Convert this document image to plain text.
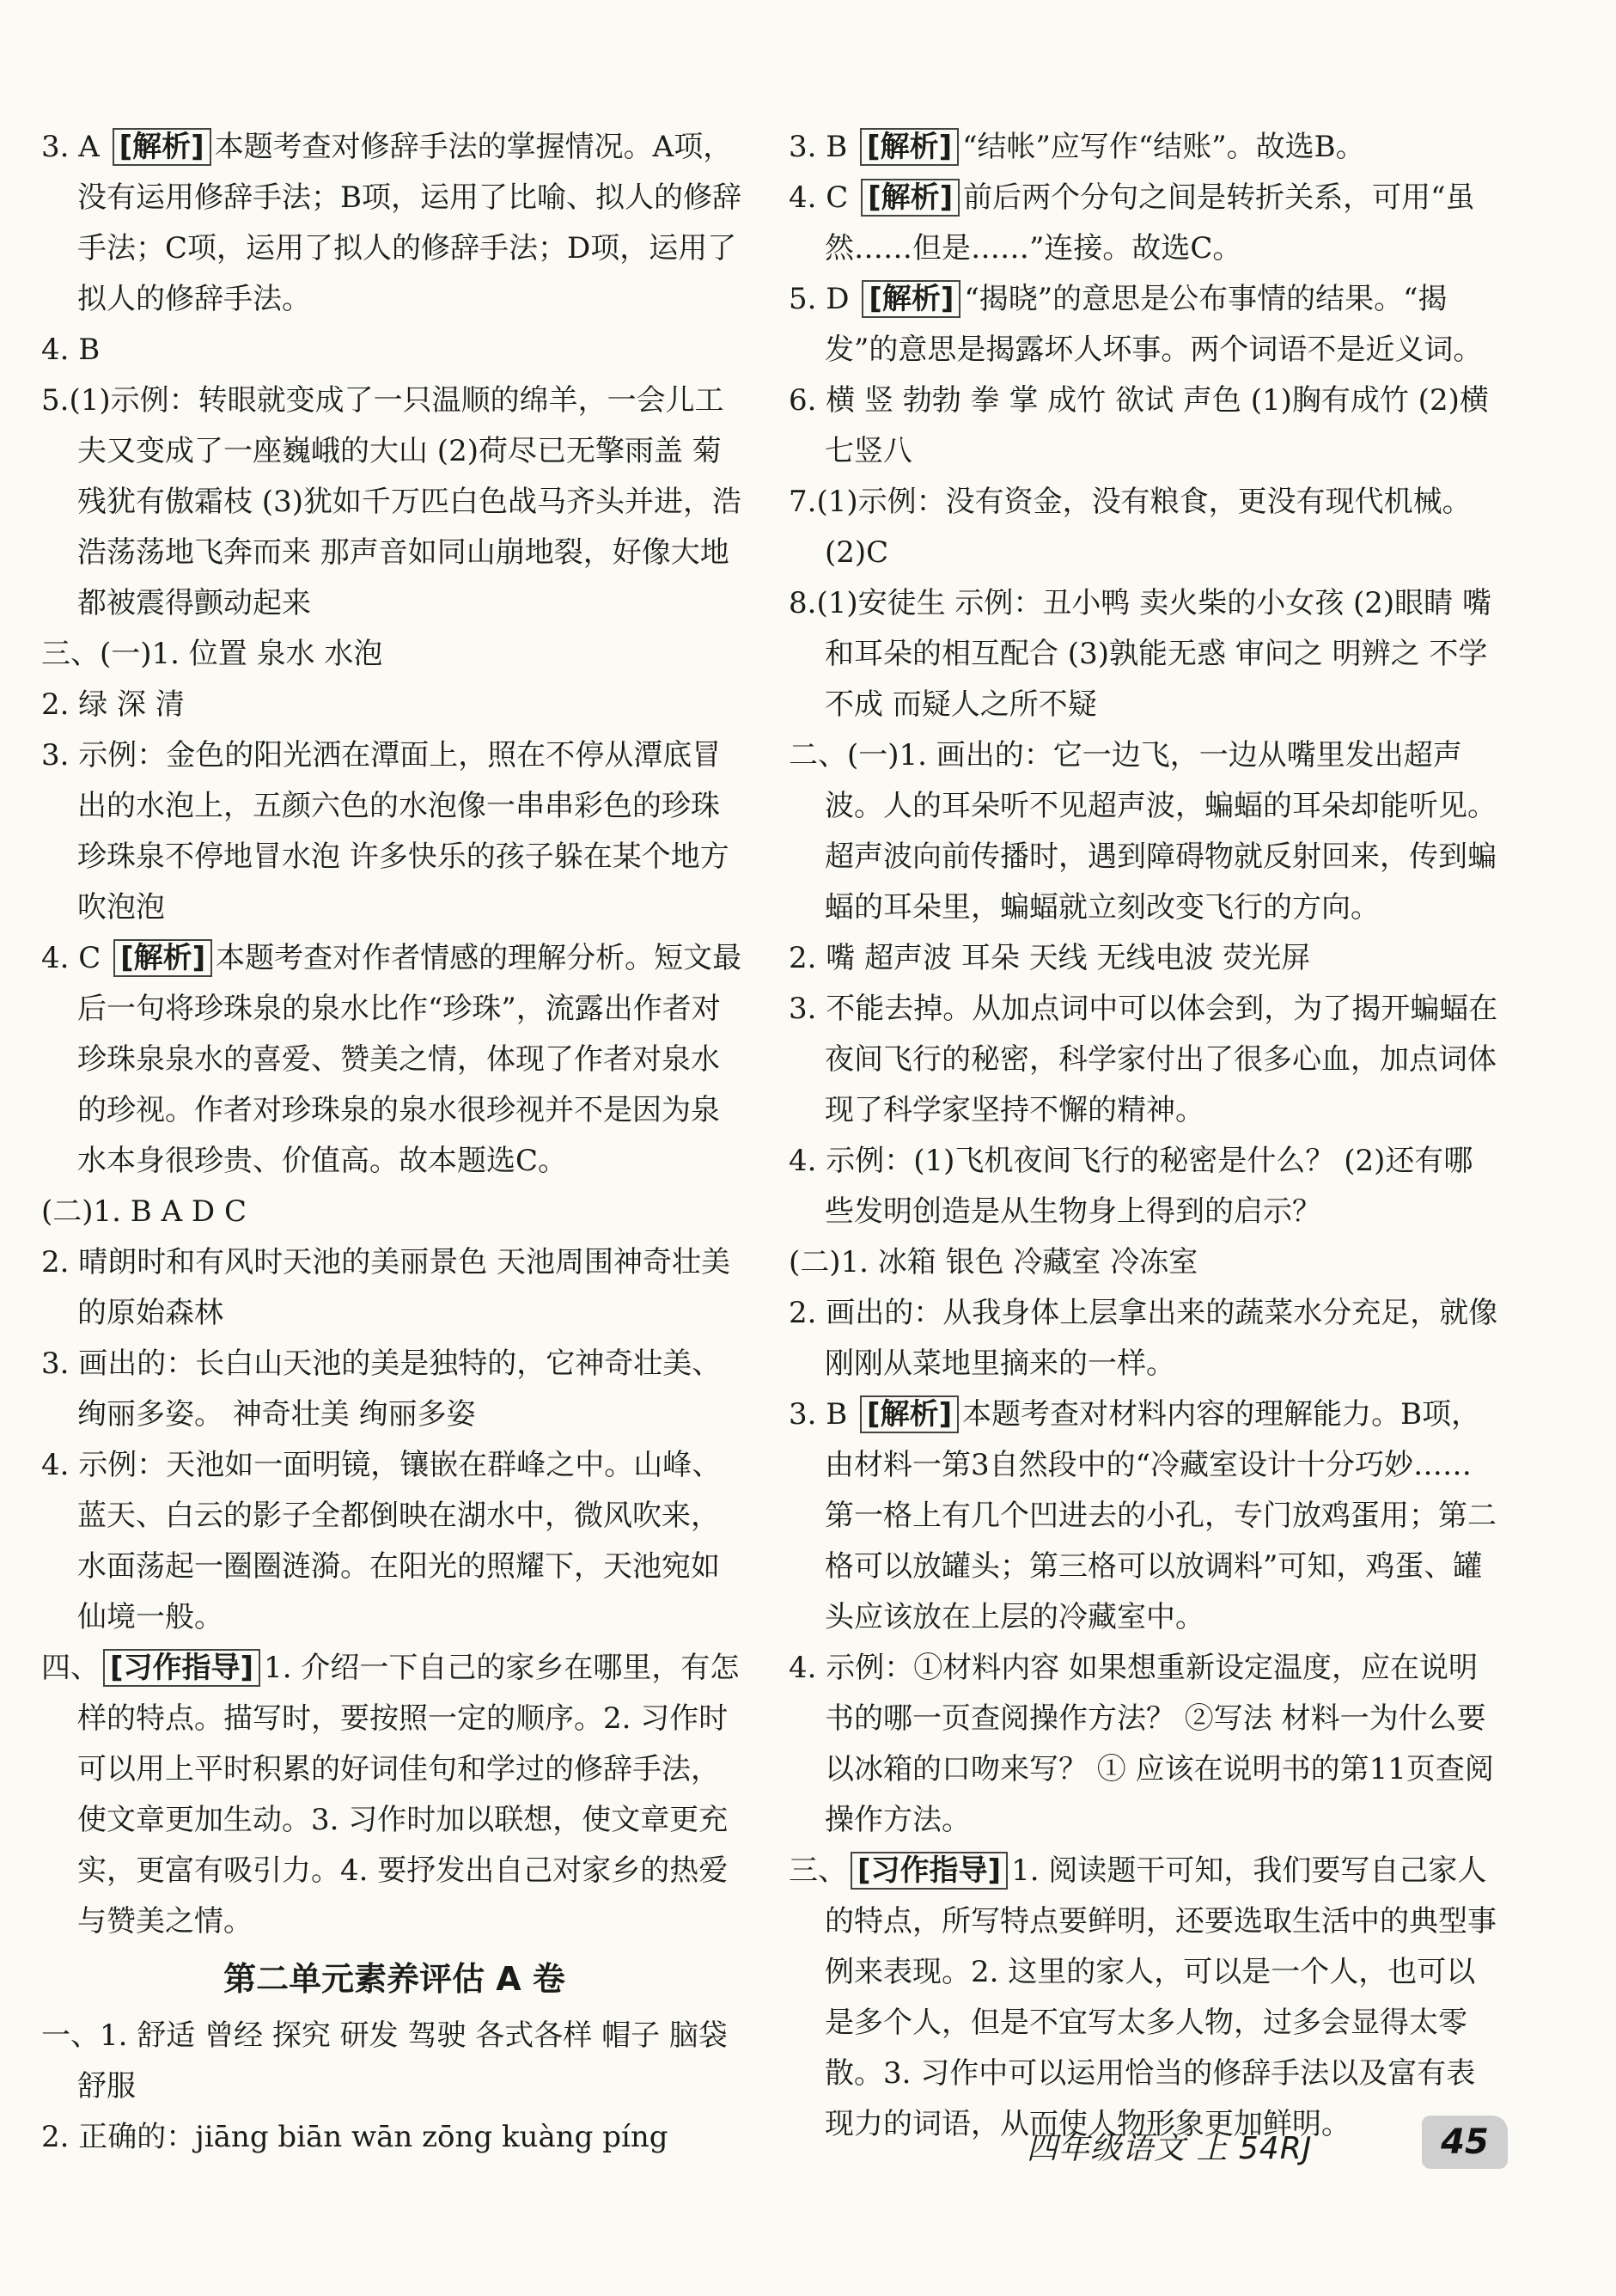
3. A [解析] 本题考查对修辞手法的掌握情况。A项，没有运用修辞手法；B项，运用了比喻、拟人的修辞手法；C项，运用了拟人的修辞手法；D项，运用了拟人的修辞手法。

4. B

5.(1)示例：转眼就变成了一只温顺的绵羊，一会儿工夫又变成了一座巍峨的大山 (2)荷尽已无擎雨盖 菊残犹有傲霜枝 (3)犹如千万匹白色战马齐头并进，浩浩荡荡地飞奔而来 那声音如同山崩地裂，好像大地都被震得颤动起来

三、(一)1. 位置 泉水 水泡

2. 绿 深 清

3. 示例：金色的阳光洒在潭面上，照在不停从潭底冒出的水泡上，五颜六色的水泡像一串串彩色的珍珠 珍珠泉不停地冒水泡 许多快乐的孩子躲在某个地方吹泡泡

4. C [解析] 本题考查对作者情感的理解分析。短文最后一句将珍珠泉的泉水比作“珍珠”，流露出作者对珍珠泉泉水的喜爱、赞美之情，体现了作者对泉水的珍视。作者对珍珠泉的泉水很珍视并不是因为泉水本身很珍贵、价值高。故本题选C。

(二)1. B A D C

2. 晴朗时和有风时天池的美丽景色 天池周围神奇壮美的原始森林

3. 画出的：长白山天池的美是独特的，它神奇壮美、绚丽多姿。 神奇壮美 绚丽多姿

4. 示例：天池如一面明镜，镶嵌在群峰之中。山峰、蓝天、白云的影子全都倒映在湖水中，微风吹来，水面荡起一圈圈涟漪。在阳光的照耀下，天池宛如仙境一般。

四、 [习作指导] 1. 介绍一下自己的家乡在哪里，有怎样的特点。描写时，要按照一定的顺序。2. 习作时可以用上平时积累的好词佳句和学过的修辞手法，使文章更加生动。3. 习作时加以联想，使文章更充实，更富有吸引力。4. 要抒发出自己对家乡的热爱与赞美之情。

第二单元素养评估 A 卷

一、1. 舒适 曾经 探究 研发 驾驶 各式各样 帽子 脑袋 舒服

2. 正确的：jiāng biān wān zōng kuàng píng

3. B [解析] “结帐”应写作“结账”。故选B。

4. C [解析] 前后两个分句之间是转折关系，可用“虽然……但是……”连接。故选C。

5. D [解析] “揭晓”的意思是公布事情的结果。“揭发”的意思是揭露坏人坏事。两个词语不是近义词。

6. 横 竖 勃勃 拳 掌 成竹 欲试 声色 (1)胸有成竹 (2)横七竖八

7.(1)示例：没有资金，没有粮食，更没有现代机械。 (2)C

8.(1)安徒生 示例：丑小鸭 卖火柴的小女孩 (2)眼睛 嘴和耳朵的相互配合 (3)孰能无惑 审问之 明辨之 不学不成 而疑人之所不疑

二、(一)1. 画出的：它一边飞，一边从嘴里发出超声波。人的耳朵听不见超声波，蝙蝠的耳朵却能听见。超声波向前传播时，遇到障碍物就反射回来，传到蝙蝠的耳朵里，蝙蝠就立刻改变飞行的方向。

2. 嘴 超声波 耳朵 天线 无线电波 荧光屏

3. 不能去掉。从加点词中可以体会到，为了揭开蝙蝠在夜间飞行的秘密，科学家付出了很多心血，加点词体现了科学家坚持不懈的精神。

4. 示例：(1)飞机夜间飞行的秘密是什么？ (2)还有哪些发明创造是从生物身上得到的启示？

(二)1. 冰箱 银色 冷藏室 冷冻室

2. 画出的：从我身体上层拿出来的蔬菜水分充足，就像刚刚从菜地里摘来的一样。

3. B [解析] 本题考查对材料内容的理解能力。B项，由材料一第3自然段中的“冷藏室设计十分巧妙……第一格上有几个凹进去的小孔，专门放鸡蛋用；第二格可以放罐头；第三格可以放调料”可知，鸡蛋、罐头应该放在上层的冷藏室中。

4. 示例：①材料内容 如果想重新设定温度，应在说明书的哪一页查阅操作方法？ ②写法 材料一为什么要以冰箱的口吻来写？ ① 应该在说明书的第11页查阅操作方法。

三、 [习作指导] 1. 阅读题干可知，我们要写自己家人的特点，所写特点要鲜明，还要选取生活中的典型事例来表现。2. 这里的家人，可以是一个人，也可以是多个人，但是不宜写太多人物，过多会显得太零散。3. 习作中可以运用恰当的修辞手法以及富有表现力的词语，从而使人物形象更加鲜明。

四年级语文 上 54RJ	45
